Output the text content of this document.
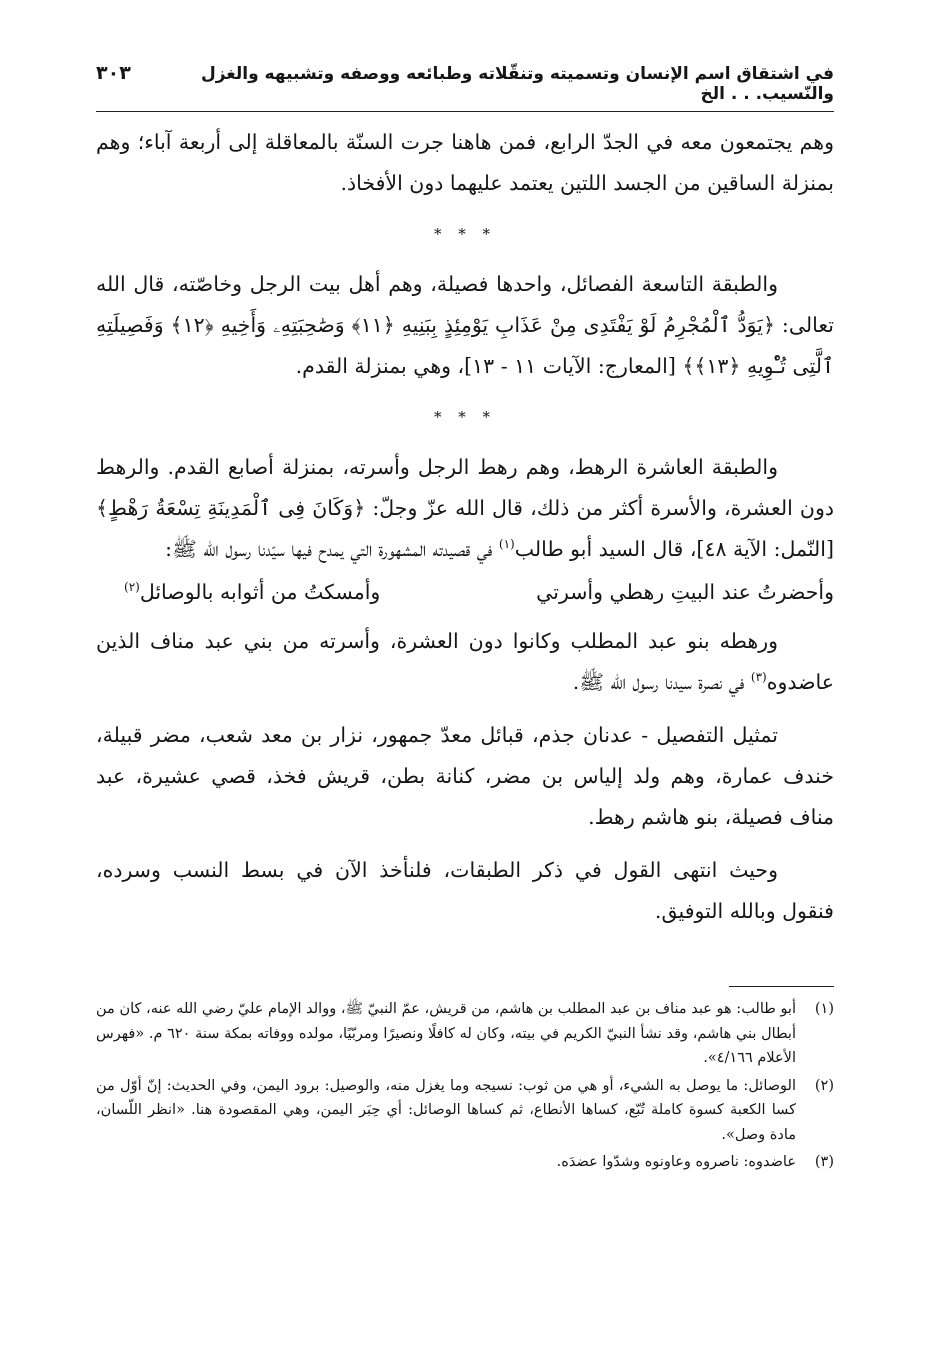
في اشتقاق اسم الإنسان وتسميته وتنقّلاته وطبائعه ووصفه وتشبيهه والغزل والنّسيب. . . الخ
٣٠٣

وهم يجتمعون معه في الجدّ الرابع، فمن هاهنا جرت السنّة بالمعاقلة إلى أربعة آباء؛ وهم بمنزلة الساقين من الجسد اللتين يعتمد عليهما دون الأفخاذ.

* * *

والطبقة التاسعة الفصائل، واحدها فصيلة، وهم أهل بيت الرجل وخاصّته، قال الله تعالى: ﴿يَوَدُّ ٱلْمُجْرِمُ لَوْ يَفْتَدِى مِنْ عَذَابِ يَوْمِئِذٍ بِبَنِيهِ ﴿١١﴾ وَصَٰحِبَتِهِۦ وَأَخِيهِ ﴿١٢﴾ وَفَصِيلَتِهِ ٱلَّتِى تُـْٔوِيهِ ﴿١٣﴾﴾ [المعارج: الآيات ١١ - ١٣]، وهي بمنزلة القدم.

* * *

والطبقة العاشرة الرهط، وهم رهط الرجل وأسرته، بمنزلة أصابع القدم. والرهط دون العشرة، والأسرة أكثر من ذلك، قال الله عزّ وجلّ: ﴿وَكَانَ فِى ٱلْمَدِينَةِ تِسْعَةُ رَهْطٍ﴾ [النّمل: الآية ٤٨]، قال السيد أبو طالب$^{(١)}$ في قصيدته المشهورة التي يمدح فيها سيّدنا رسول الله ﷺ:

وأحضرتُ عند البيتِ رهطي وأسرتي
وأمسكتُ من أثوابه بالوصائل$^{(٢)}$

ورهطه بنو عبد المطلب وكانوا دون العشرة، وأسرته من بني عبد مناف الذين عاضدوه$^{(٣)}$ في نصرة سيدنا رسول الله ﷺ.

تمثيل التفصيل - عدنان جذم، قبائل معدّ جمهور، نزار بن معد شعب، مضر قبيلة، خندف عمارة، وهم ولد إلياس بن مضر، كنانة بطن، قريش فخذ، قصي عشيرة، عبد مناف فصيلة، بنو هاشم رهط.

وحيث انتهى القول في ذكر الطبقات، فلنأخذ الآن في بسط النسب وسرده، فنقول وبالله التوفيق.

(١)
أبو طالب: هو عبد مناف بن عبد المطلب بن هاشم، من قريش، عمّ النبيّ ﷺ، ووالد الإمام عليّ رضي الله عنه، كان من أبطال بني هاشم، وقد نشأ النبيّ الكريم في بيته، وكان له كافلًا ونصيرًا ومربّيًا، مولده ووفاته بمكة سنة ٦٢٠ م. «فهرس الأعلام ٤/١٦٦».
(٢)
الوصائل: ما يوصل به الشيء، أو هي من ثوب: نسيجه وما يغزل منه، والوصيل: برود اليمن، وفي الحديث: إنّ أوّل من كسا الكعبة كسوة كاملة تُبّع، كساها الأنطاع، ثم كساها الوصائل: أي حِبَر اليمن، وهي المقصودة هنا. «انظر اللّسان، مادة وصل».
(٣)
عاضدوه: ناصروه وعاونوه وشدّوا عضدَه.
